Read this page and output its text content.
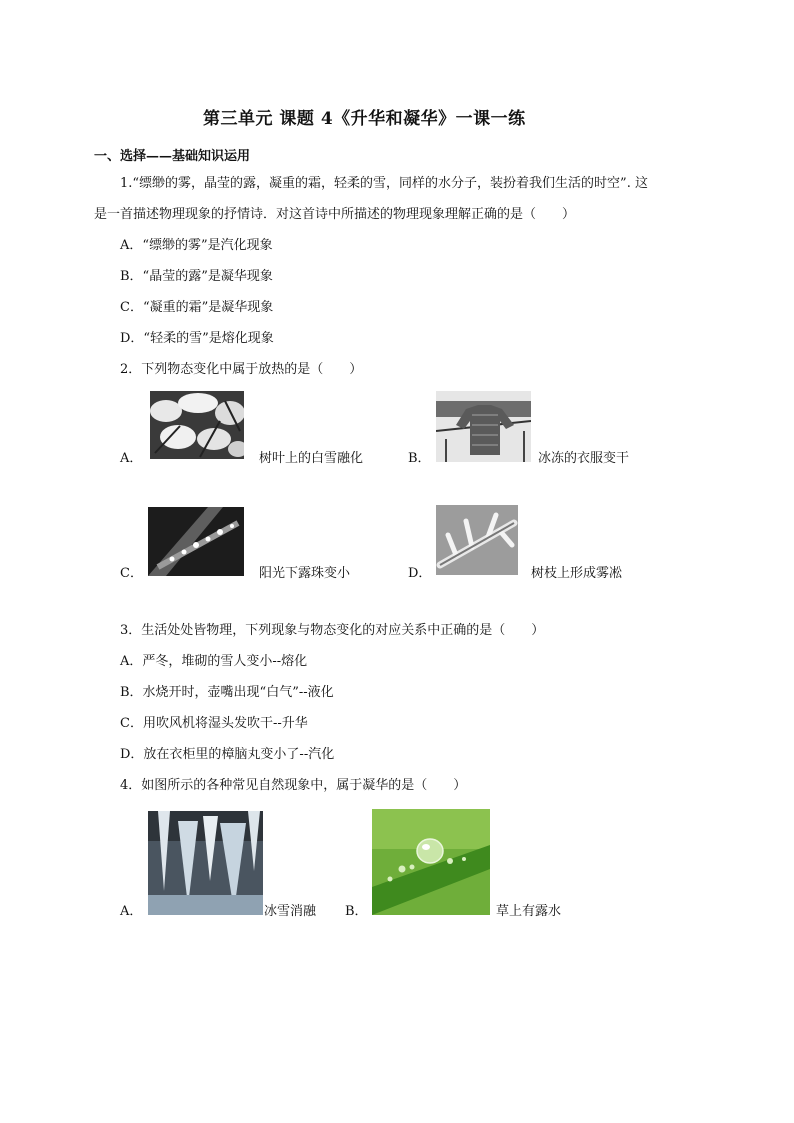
第三单元 课题 4《升华和凝华》一课一练
一、选择——基础知识运用
1.“缥缈的雾，晶莹的露，凝重的霜，轻柔的雪，同样的水分子，装扮着我们生活的时空”. 这
是一首描述物理现象的抒情诗．对这首诗中所描述的物理现象理解正确的是（　　）
A．“缥缈的雾”是汽化现象
B．“晶莹的露”是凝华现象
C．“凝重的霜”是凝华现象
D．“轻柔的雪”是熔化现象
2．下列物态变化中属于放热的是（　　）
A．	树叶上的白雪融化	B．	冰冻的衣服变干
C．	阳光下露珠变小	D．	树枝上形成雾凇
3．生活处处皆物理，下列现象与物态变化的对应关系中正确的是（　　）
A．严冬，堆砌的雪人变小--熔化
B．水烧开时，壶嘴出现“白气”--液化
C．用吹风机将湿头发吹干--升华
D．放在衣柜里的樟脑丸变小了--汽化
4．如图所示的各种常见自然现象中，属于凝华的是（　　）
A．	冰雪消融 B．	草上有露水
